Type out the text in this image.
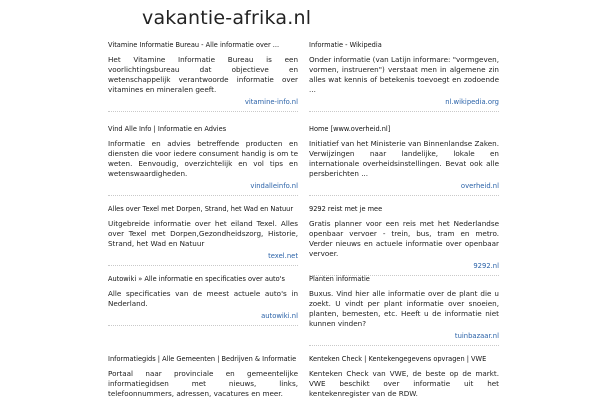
vakantie-afrika.nl
Vitamine Informatie Bureau - Alle informatie over ...
Het Vitamine Informatie Bureau is een voorlichtingsbureau dat objectieve en wetenschappelijk verantwoorde informatie over vitamines en mineralen geeft.
vitamine-info.nl
Informatie - Wikipedia
Onder informatie (van Latijn informare: "vormgeven, vormen, instrueren") verstaat men in algemene zin alles wat kennis of betekenis toevoegt en zodoende ...
nl.wikipedia.org
Vind Alle Info | Informatie en Advies
Informatie en advies betreffende producten en diensten die voor iedere consument handig is om te weten. Eenvoudig, overzichtelijk en vol tips en wetenswaardigheden.
vindalleinfo.nl
Home [www.overheid.nl]
Initiatief van het Ministerie van Binnenlandse Zaken. Verwijzingen naar landelijke, lokale en internationale overheidsinstellingen. Bevat ook alle persberichten ...
overheid.nl
Alles over Texel met Dorpen, Strand, het Wad en Natuur
Uitgebreide informatie over het eiland Texel. Alles over Texel met Dorpen,Gezondheidszorg, Historie, Strand, het Wad en Natuur
texel.net
9292 reist met je mee
Gratis planner voor een reis met het Nederlandse openbaar vervoer - trein, bus, tram en metro. Verder nieuws en actuele informatie over openbaar vervoer.
9292.nl
Autowiki » Alle informatie en specificaties over auto's
Alle specificaties van de meest actuele auto's in Nederland.
autowiki.nl
Planten informatie
Buxus. Vind hier alle informatie over de plant die u zoekt. U vindt per plant informatie over snoeien, planten, bemesten, etc. Heeft u de informatie niet kunnen vinden?
tuinbazaar.nl
Informatiegids | Alle Gemeenten | Bedrijven & Informatie
Portaal naar provinciale en gemeentelijke informatiegidsen met nieuws, links, telefoonnummers, adressen, vacatures en meer.
Kenteken Check | Kentekengegevens opvragen | VWE
Kenteken Check van VWE, de beste op de markt. VWE beschikt over informatie uit het kentekenregister van de RDW.
